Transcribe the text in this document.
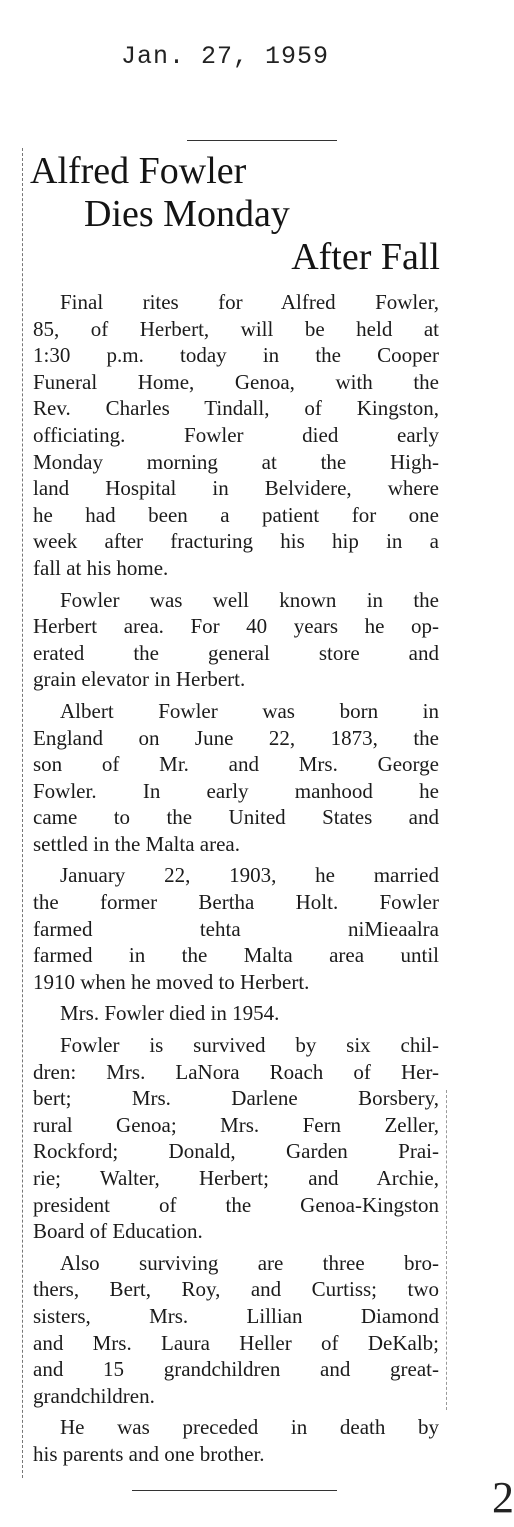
Jan. 27, 1959
Alfred Fowler
Dies Monday
After Fall
Final rites for Alfred Fowler,
85, of Herbert, will be held at
1:30 p.m. today in the Cooper
Funeral Home, Genoa, with the
Rev. Charles Tindall, of Kingston,
officiating. Fowler died early
Monday morning at the High-
land Hospital in Belvidere, where
he had been a patient for one
week after fracturing his hip in a
fall at his home.
Fowler was well known in the
Herbert area. For 40 years he op-
erated the general store and
grain elevator in Herbert.
Albert Fowler was born in
England on June 22, 1873, the
son of Mr. and Mrs. George
Fowler. In early manhood he
came to the United States and
settled in the Malta area.
January 22, 1903, he married
the former Bertha Holt. Fowler
farmed tehta niMieaalra
farmed in the Malta area until
1910 when he moved to Herbert.
Mrs. Fowler died in 1954.
Fowler is survived by six chil-
dren: Mrs. LaNora Roach of Her-
bert; Mrs. Darlene Borsbery,
rural Genoa; Mrs. Fern Zeller,
Rockford; Donald, Garden Prai-
rie; Walter, Herbert; and Archie,
president of the Genoa-Kingston
Board of Education.
Also surviving are three bro-
thers, Bert, Roy, and Curtiss; two
sisters, Mrs. Lillian Diamond
and Mrs. Laura Heller of DeKalb;
and 15 grandchildren and great-
grandchildren.
He was preceded in death by
his parents and one brother.
2
